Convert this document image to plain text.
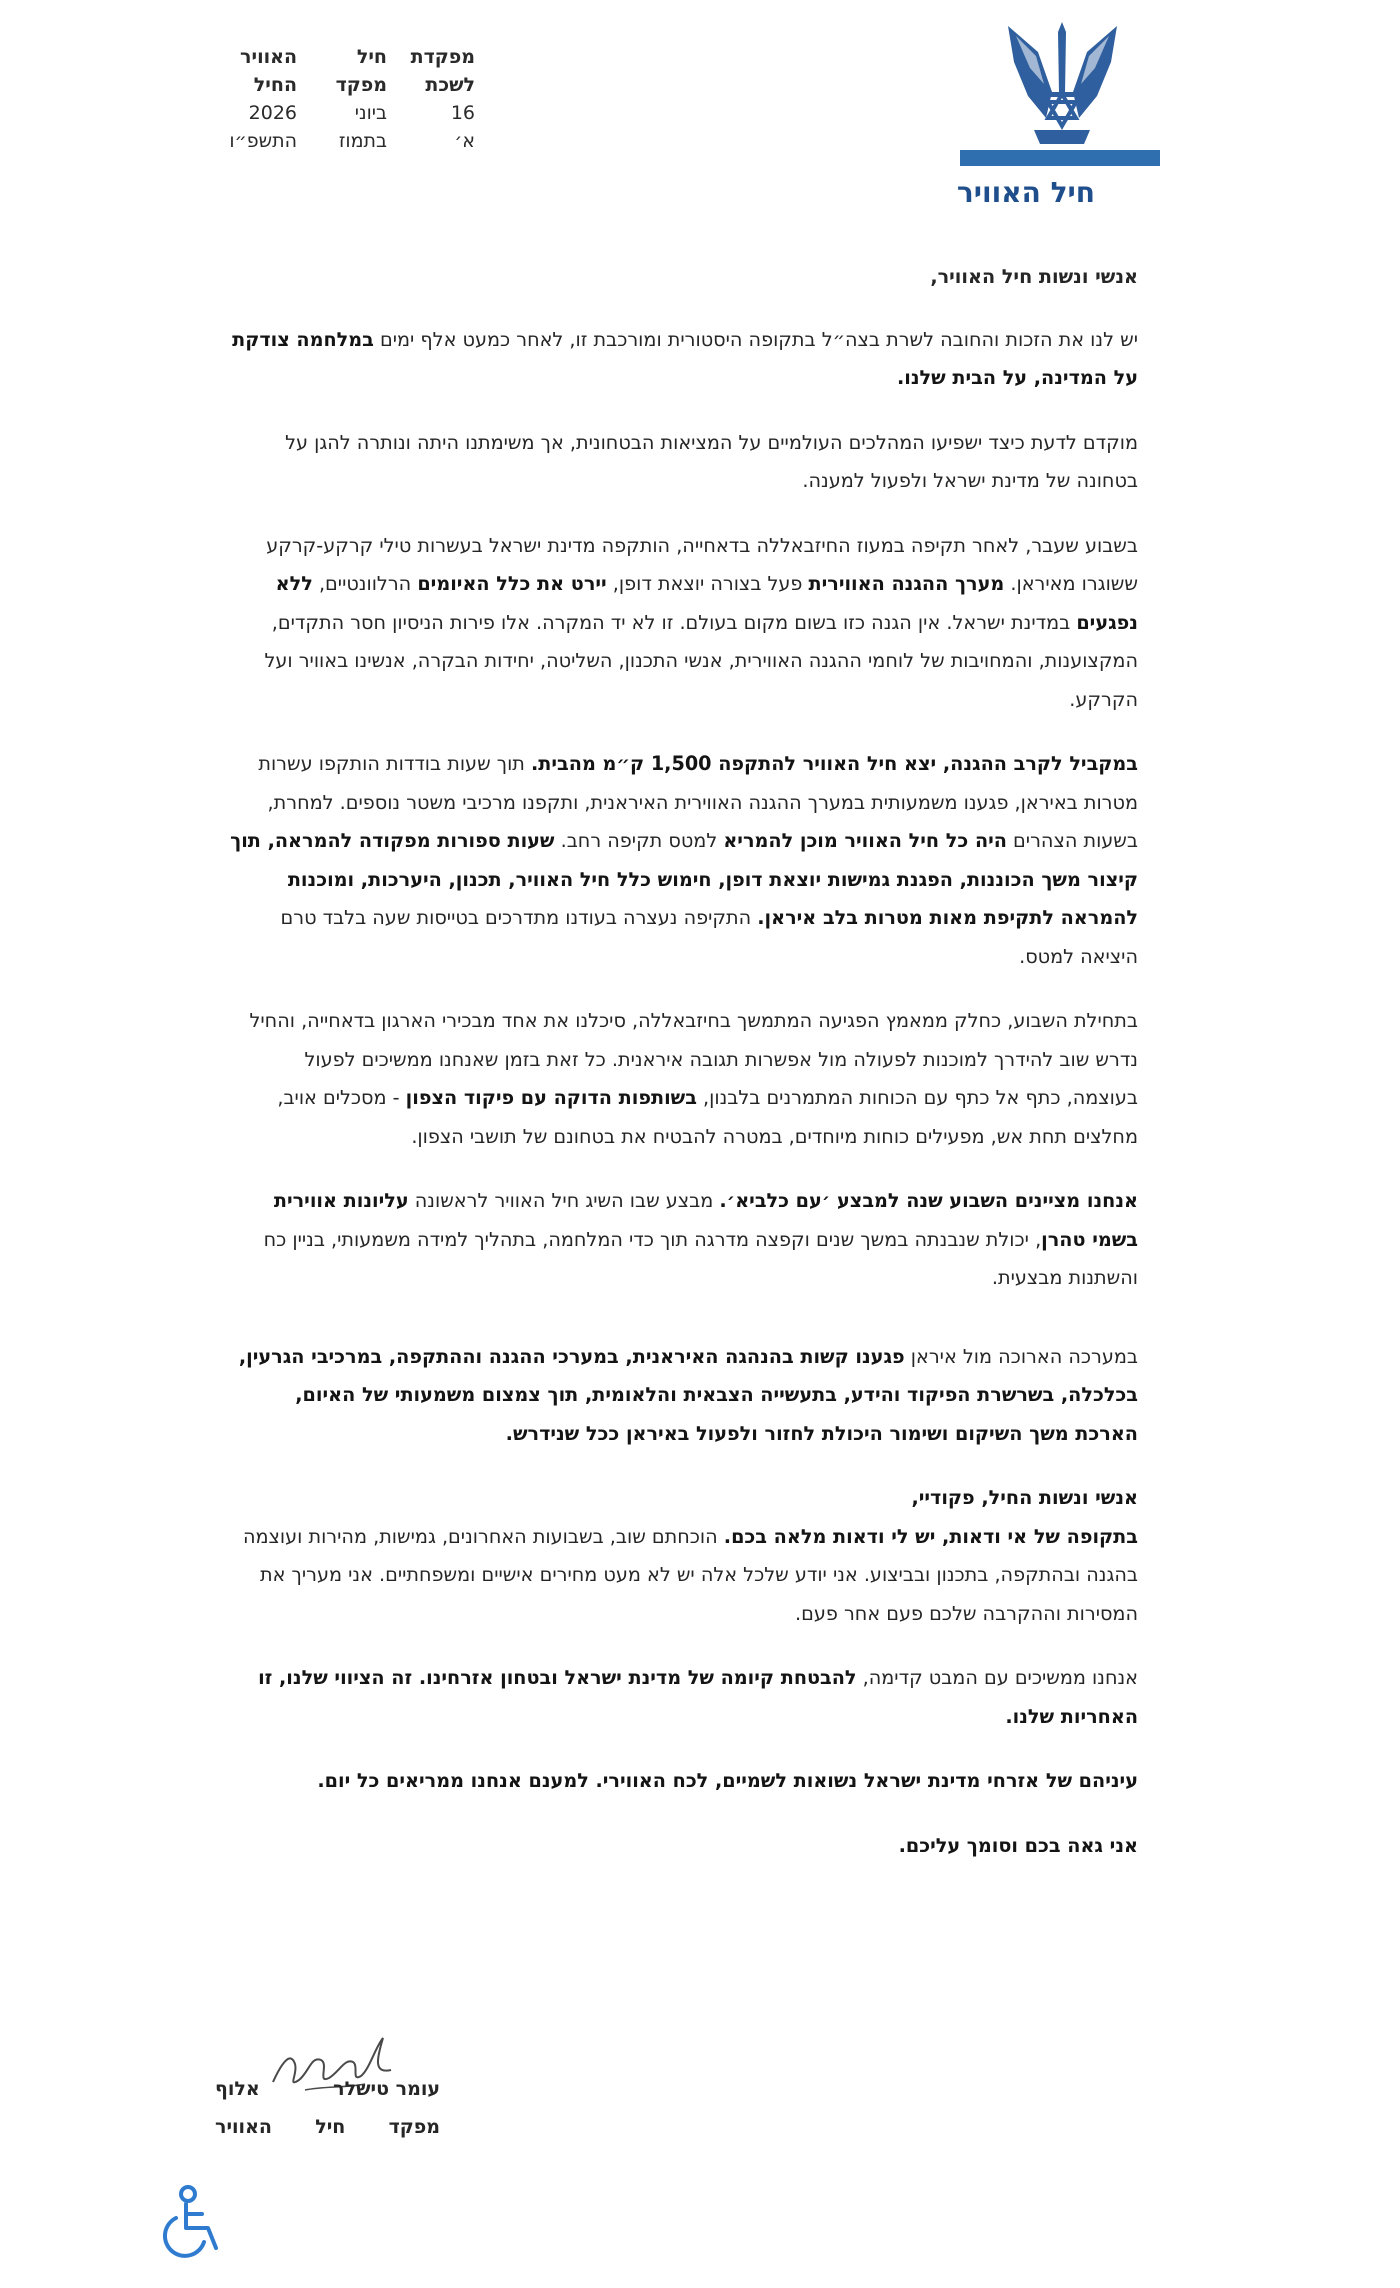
מפקדת
חיל
האוויר
לשכת
מפקד
החיל
16
ביוני
2026
א׳
בתמוז
התשפ״ו
חיל האוויר

אנשי ונשות חיל האוויר,

יש לנו את הזכות והחובה לשרת בצה״ל בתקופה היסטורית ומורכבת זו, לאחר כמעט אלף ימים במלחמה צודקת על המדינה, על הבית שלנו.

מוקדם לדעת כיצד ישפיעו המהלכים העולמיים על המציאות הבטחונית, אך משימתנו היתה ונותרה להגן על בטחונה של מדינת ישראל ולפעול למענה.

בשבוע שעבר, לאחר תקיפה במעוז החיזבאללה בדאחייה, הותקפה מדינת ישראל בעשרות טילי קרקע-קרקע ששוגרו מאיראן. מערך ההגנה האווירית פעל בצורה יוצאת דופן, יירט את כלל האיומים הרלוונטיים, ללא נפגעים במדינת ישראל. אין הגנה כזו בשום מקום בעולם. זו לא יד המקרה. אלו פירות הניסיון חסר התקדים, המקצוענות, והמחויבות של לוחמי ההגנה האווירית, אנשי התכנון, השליטה, יחידות הבקרה, אנשינו באוויר ועל הקרקע.

במקביל לקרב ההגנה, יצא חיל האוויר להתקפה 1,500 ק״מ מהבית. תוך שעות בודדות הותקפו עשרות מטרות באיראן, פגענו משמעותית במערך ההגנה האווירית האיראנית, ותקפנו מרכיבי משטר נוספים. למחרת, בשעות הצהרים היה כל חיל האוויר מוכן להמריא למטס תקיפה רחב. שעות ספורות מפקודה להמראה, תוך קיצור משך הכוננות, הפגנת גמישות יוצאת דופן, חימוש כלל חיל האוויר, תכנון, היערכות, ומוכנות להמראה לתקיפת מאות מטרות בלב איראן. התקיפה נעצרה בעודנו מתדרכים בטייסות שעה בלבד טרם היציאה למטס.

בתחילת השבוע, כחלק ממאמץ הפגיעה המתמשך בחיזבאללה, סיכלנו את אחד מבכירי הארגון בדאחייה, והחיל נדרש שוב להידרך למוכנות לפעולה מול אפשרות תגובה איראנית. כל זאת בזמן שאנחנו ממשיכים לפעול בעוצמה, כתף אל כתף עם הכוחות המתמרנים בלבנון, בשותפות הדוקה עם פיקוד הצפון - מסכלים אויב, מחלצים תחת אש, מפעילים כוחות מיוחדים, במטרה להבטיח את בטחונם של תושבי הצפון.

אנחנו מציינים השבוע שנה למבצע ׳עם כלביא׳. מבצע שבו השיג חיל האוויר לראשונה עליונות אווירית בשמי טהרן, יכולת שנבנתה במשך שנים וקפצה מדרגה תוך כדי המלחמה, בתהליך למידה משמעותי, בניין כח והשתנות מבצעית.

במערכה הארוכה מול איראן פגענו קשות בהנהגה האיראנית, במערכי ההגנה וההתקפה, במרכיבי הגרעין, בכלכלה, בשרשרת הפיקוד והידע, בתעשייה הצבאית והלאומית, תוך צמצום משמעותי של האיום, הארכת משך השיקום ושימור היכולת לחזור ולפעול באיראן ככל שנידרש.

אנשי ונשות החיל, פקודיי,

בתקופה של אי ודאות, יש לי ודאות מלאה בכם. הוכחתם שוב, בשבועות האחרונים, גמישות, מהירות ועוצמה בהגנה ובהתקפה, בתכנון ובביצוע. אני יודע שלכל אלה יש לא מעט מחירים אישיים ומשפחתיים. אני מעריך את המסירות וההקרבה שלכם פעם אחר פעם.

אנחנו ממשיכים עם המבט קדימה, להבטחת קיומה של מדינת ישראל ובטחון אזרחינו. זה הציווי שלנו, זו האחריות שלנו.

עיניהם של אזרחי מדינת ישראל נשואות לשמיים, לכח האווירי. למענם אנחנו ממריאים כל יום.

אני גאה בכם וסומך עליכם.

עומר טישלר
אלוף
מפקד
חיל
האוויר
